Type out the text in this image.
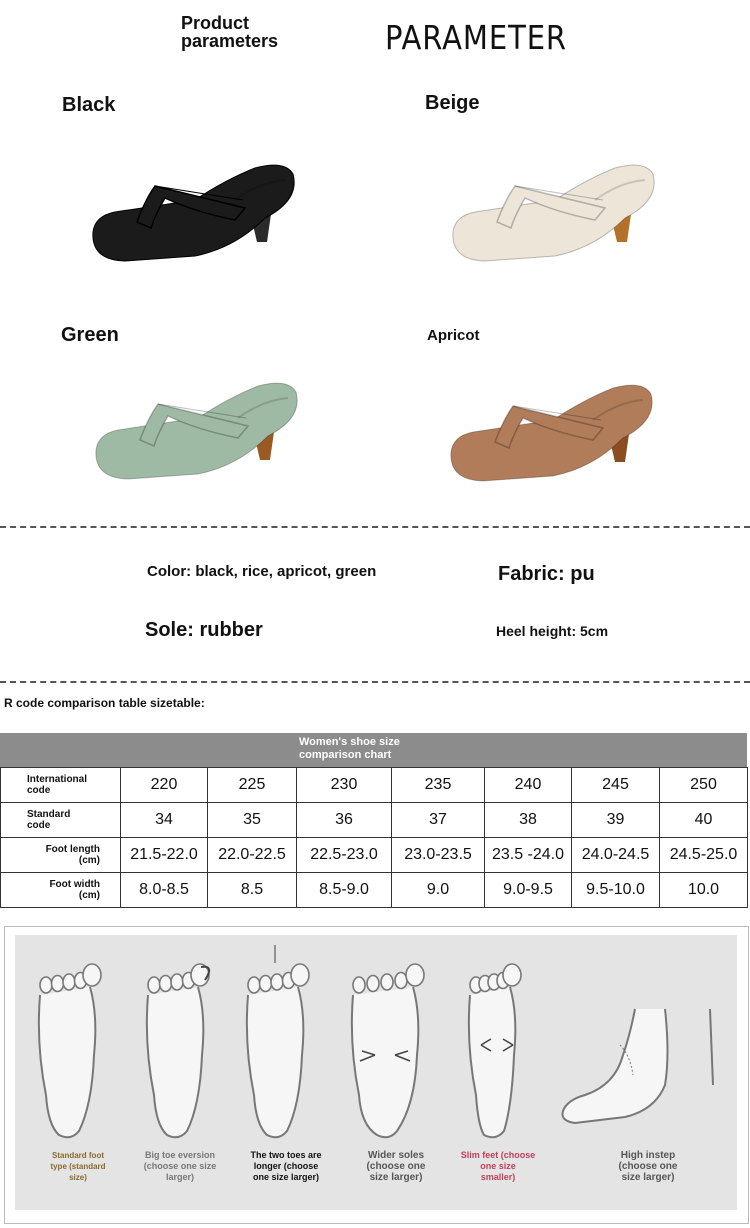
Product
parameters	PARAMETER
Black	Beige
Green	Apricot
Color: black, rice, apricot, green	Fabric: pu
Sole: rubber	Heel height: 5cm
R code comparison table sizetable:
Women's shoe size
comparison chart
International
code	220	225	230	235	240	245	250
Standard
code	34	35	36	37	38	39	40
Foot length
(cm)	21.5-22.0	22.0-22.5	22.5-23.0	23.0-23.5	23.5 -24.0	24.0-24.5	24.5-25.0
Foot width
(cm)	8.0-8.5	8.5	8.5-9.0	9.0	9.0-9.5	9.5-10.0	10.0
Standard foot
type (standard
size)
Big toe eversion
(choose one size
larger)
The two toes are
longer (choose
one size larger)
Wider soles
(choose one
size larger)
Slim feet (choose
one size
smaller)
High instep
(choose one
size larger)
